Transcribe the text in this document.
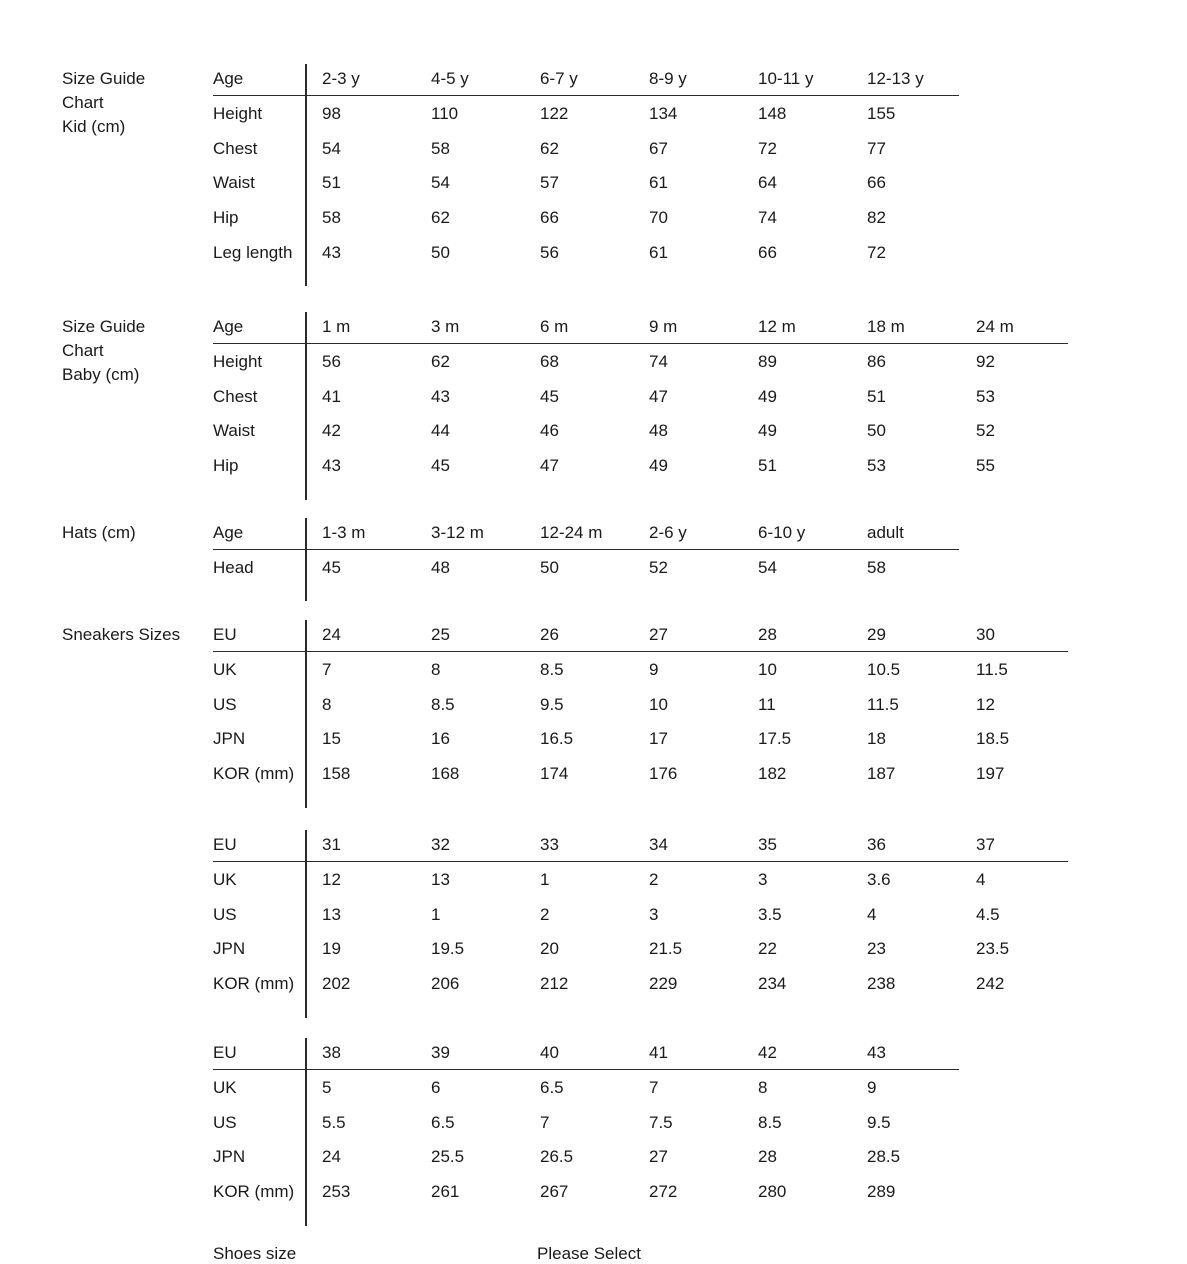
Size Guide
Chart
Kid (cm)
Age	2-3 y	4-5 y	6-7 y	8-9 y	10-11 y	12-13 y
Height	98	110	122	134	148	155
Chest	54	58	62	67	72	77
Waist	51	54	57	61	64	66
Hip	58	62	66	70	74	82
Leg length	43	50	56	61	66	72
Size Guide
Chart
Baby (cm)
Age	1 m	3 m	6 m	9 m	12 m	18 m	24 m
Height	56	62	68	74	89	86	92
Chest	41	43	45	47	49	51	53
Waist	42	44	46	48	49	50	52
Hip	43	45	47	49	51	53	55
Hats (cm)	Age	1-3 m	3-12 m	12-24 m	2-6 y	6-10 y	adult
Head	45	48	50	52	54	58
Sneakers Sizes EU	24	25	26	27	28	29	30
UK	7	8	8.5	9	10	10.5	11.5
US	8	8.5	9.5	10	11	11.5	12
JPN	15	16	16.5	17	17.5	18	18.5
KOR (mm)	158	168	174	176	182	187	197
EU	31	32	33	34	35	36	37
UK	12	13	1	2	3	3.6	4
US	13	1	2	3	3.5	4	4.5
JPN	19	19.5	20	21.5	22	23	23.5
KOR (mm)	202	206	212	229	234	238	242
EU	38	39	40	41	42	43
UK	5	6	6.5	7	8	9
US	5.5	6.5	7	7.5	8.5	9.5
JPN	24	25.5	26.5	27	28	28.5
KOR (mm)	253	261	267	272	280	289
Shoes size	Please Select
